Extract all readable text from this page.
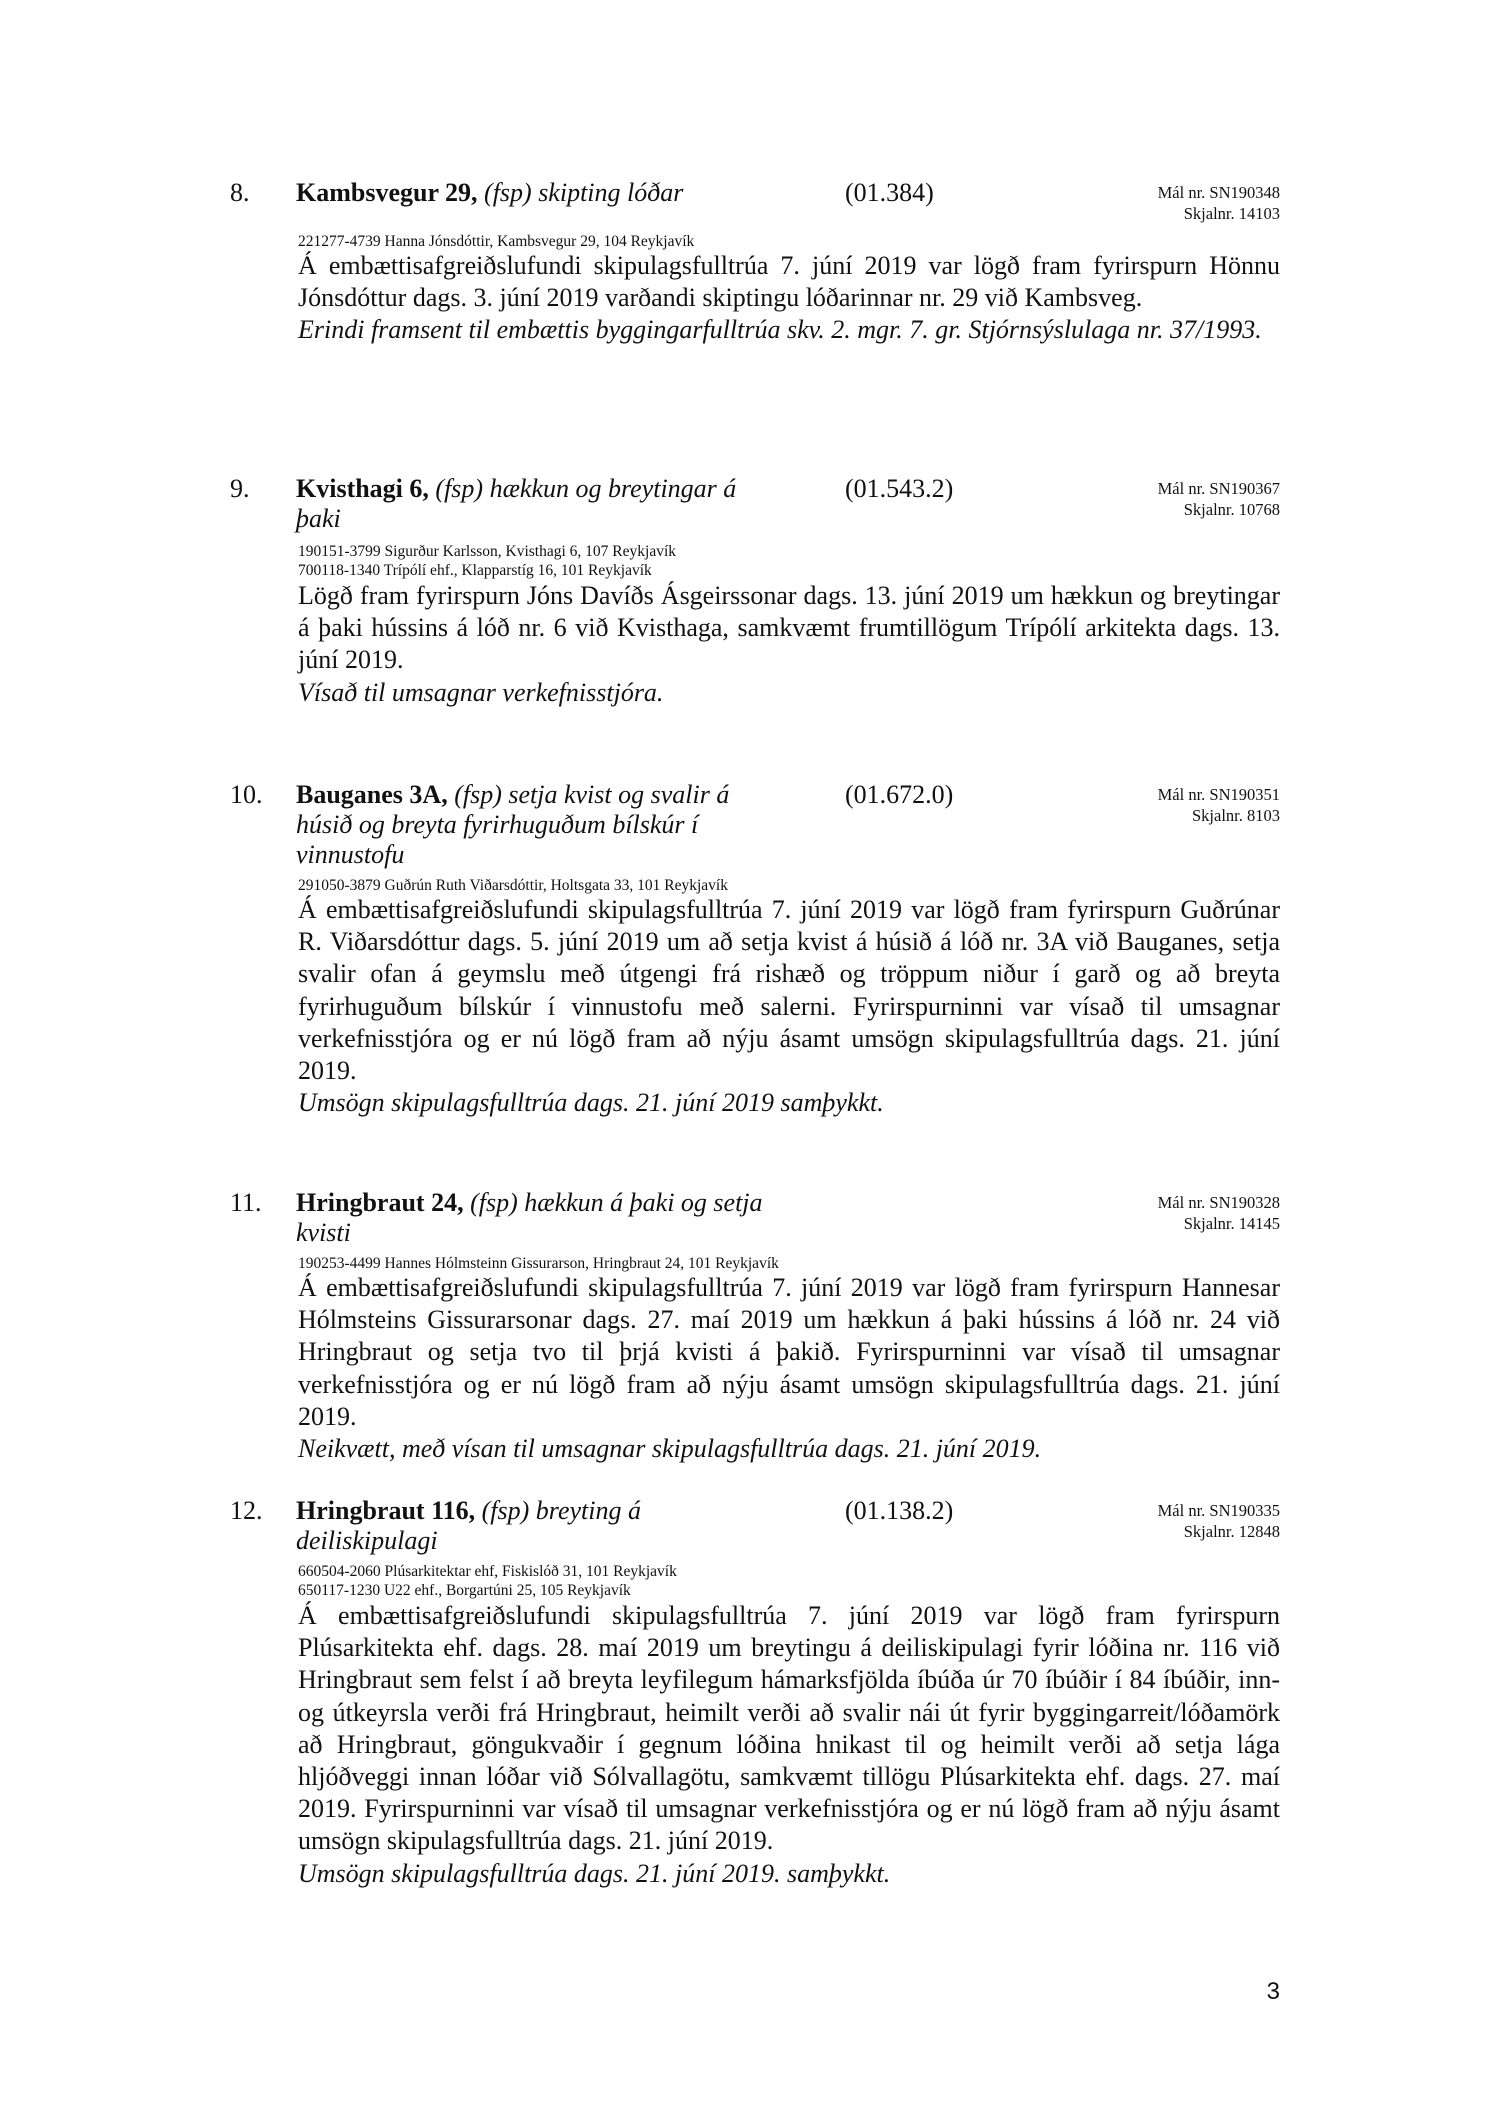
8. Kambsvegur 29, (fsp) skipting lóðar	(01.384)	Mál nr. SN190348
Skjalnr. 14103
221277-4739 Hanna Jónsdóttir, Kambsvegur 29, 104 Reykjavík

Á embættisafgreiðslufundi skipulagsfulltrúa 7. júní 2019 var lögð fram fyrirspurn Hönnu Jónsdóttur dags. 3. júní 2019 varðandi skiptingu lóðarinnar nr. 29 við Kambsveg.

Erindi framsent til embættis byggingarfulltrúa skv. 2. mgr. 7. gr. Stjórnsýslulaga nr. 37/1993.

9. Kvisthagi 6, (fsp) hækkun og breytingar á
þaki
(01.543.2)	Mál nr. SN190367
Skjalnr. 10768
190151-3799 Sigurður Karlsson, Kvisthagi 6, 107 Reykjavík
700118-1340 Trípólí ehf., Klapparstíg 16, 101 Reykjavík

Lögð fram fyrirspurn Jóns Davíðs Ásgeirssonar dags. 13. júní 2019 um hækkun og breytingar á þaki hússins á lóð nr. 6 við Kvisthaga, samkvæmt frumtillögum Trípólí arkitekta dags. 13. júní 2019.

Vísað til umsagnar verkefnisstjóra.

10. Bauganes 3A, (fsp) setja kvist og svalir á
húsið og breyta fyrirhuguðum bílskúr í
vinnustofu
(01.672.0)	Mál nr. SN190351
Skjalnr. 8103
291050-3879 Guðrún Ruth Viðarsdóttir, Holtsgata 33, 101 Reykjavík

Á embættisafgreiðslufundi skipulagsfulltrúa 7. júní 2019 var lögð fram fyrirspurn Guðrúnar R. Viðarsdóttur dags. 5. júní 2019 um að setja kvist á húsið á lóð nr. 3A við Bauganes, setja svalir ofan á geymslu með útgengi frá rishæð og tröppum niður í garð og að breyta fyrirhuguðum bílskúr í vinnustofu með salerni. Fyrirspurninni var vísað til umsagnar verkefnisstjóra og er nú lögð fram að nýju ásamt umsögn skipulagsfulltrúa dags. 21. júní 2019.

Umsögn skipulagsfulltrúa dags. 21. júní 2019 samþykkt.

11. Hringbraut 24, (fsp) hækkun á þaki og setja
kvisti
Mál nr. SN190328
Skjalnr. 14145
190253-4499 Hannes Hólmsteinn Gissurarson, Hringbraut 24, 101 Reykjavík

Á embættisafgreiðslufundi skipulagsfulltrúa 7. júní 2019 var lögð fram fyrirspurn Hannesar Hólmsteins Gissurarsonar dags. 27. maí 2019 um hækkun á þaki hússins á lóð nr. 24 við Hringbraut og setja tvo til þrjá kvisti á þakið. Fyrirspurninni var vísað til umsagnar verkefnisstjóra og er nú lögð fram að nýju ásamt umsögn skipulagsfulltrúa dags. 21. júní 2019.

Neikvætt, með vísan til umsagnar skipulagsfulltrúa dags. 21. júní 2019.

12. Hringbraut 116, (fsp) breyting á
deiliskipulagi
(01.138.2)	Mál nr. SN190335
Skjalnr. 12848
660504-2060 Plúsarkitektar ehf, Fiskislóð 31, 101 Reykjavík
650117-1230 U22 ehf., Borgartúni 25, 105 Reykjavík

Á embættisafgreiðslufundi skipulagsfulltrúa 7. júní 2019 var lögð fram fyrirspurn Plúsarkitekta ehf. dags. 28. maí 2019 um breytingu á deiliskipulagi fyrir lóðina nr. 116 við Hringbraut sem felst í að breyta leyfilegum hámarksfjölda íbúða úr 70 íbúðir í 84 íbúðir, inn- og útkeyrsla verði frá Hringbraut, heimilt verði að svalir nái út fyrir byggingarreit/lóðamörk að Hringbraut, göngukvaðir í gegnum lóðina hnikast til og heimilt verði að setja lága hljóðveggi innan lóðar við Sólvallagötu, samkvæmt tillögu Plúsarkitekta ehf. dags. 27. maí 2019. Fyrirspurninni var vísað til umsagnar verkefnisstjóra og er nú lögð fram að nýju ásamt umsögn skipulagsfulltrúa dags. 21. júní 2019.

Umsögn skipulagsfulltrúa dags. 21. júní 2019. samþykkt.

3
